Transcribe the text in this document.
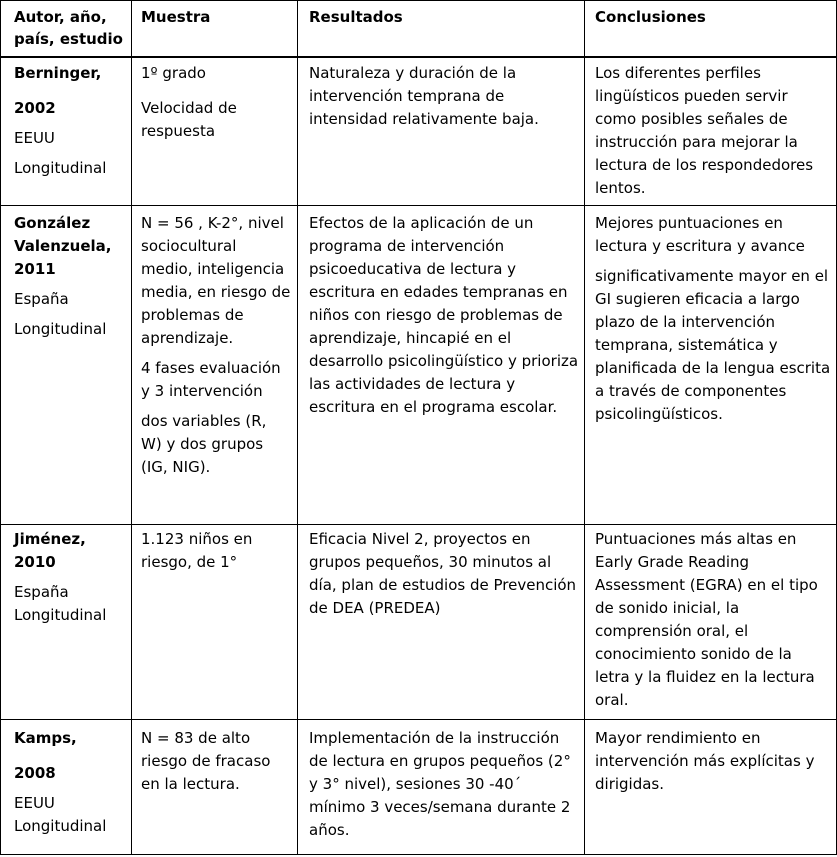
Autor, año, país, estudio
Muestra	Resultados	Conclusiones

Berninger,

2002

EEUU

Longitudinal

1º grado

Velocidad de respuesta

Naturaleza y duración de la intervención temprana de intensidad relativamente baja.

Los diferentes perfiles lingüísticos pueden servir como posibles señales de instrucción para mejorar la lectura de los respondedores lentos.

González Valenzuela,

2011

España

Longitudinal

N = 56 , K-2°, nivel sociocultural medio, inteligencia media, en riesgo de problemas de aprendizaje.

4 fases evaluación y 3 intervención

dos variables (R, W) y dos grupos (IG, NIG).

Efectos de la aplicación de un programa de intervención psicoeducativa de lectura y escritura en edades tempranas en niños con riesgo de problemas de aprendizaje, hincapié en el desarrollo psicolingüístico y prioriza las actividades de lectura y escritura en el programa escolar.

Mejores puntuaciones en lectura y escritura y avance

significativamente mayor en el GI sugieren eficacia a largo plazo de la intervención temprana, sistemática y planificada de la lengua escrita a través de componentes psicolingüísticos.

Jiménez,

2010

España

Longitudinal

1.123 niños en riesgo, de 1°

Eficacia Nivel 2, proyectos en grupos pequeños, 30 minutos al día, plan de estudios de Prevención de DEA (PREDEA)

Puntuaciones más altas en Early Grade Reading Assessment (EGRA) en el tipo de sonido inicial, la comprensión oral, el conocimiento sonido de la letra y la fluidez en la lectura oral.

Kamps,

2008

EEUU

Longitudinal

N = 83 de alto riesgo de fracaso en la lectura.

Implementación de la instrucción de lectura en grupos pequeños (2° y 3° nivel), sesiones 30 -40´ mínimo 3 veces/semana durante 2 años.

Mayor rendimiento en intervención más explícitas y dirigidas.
